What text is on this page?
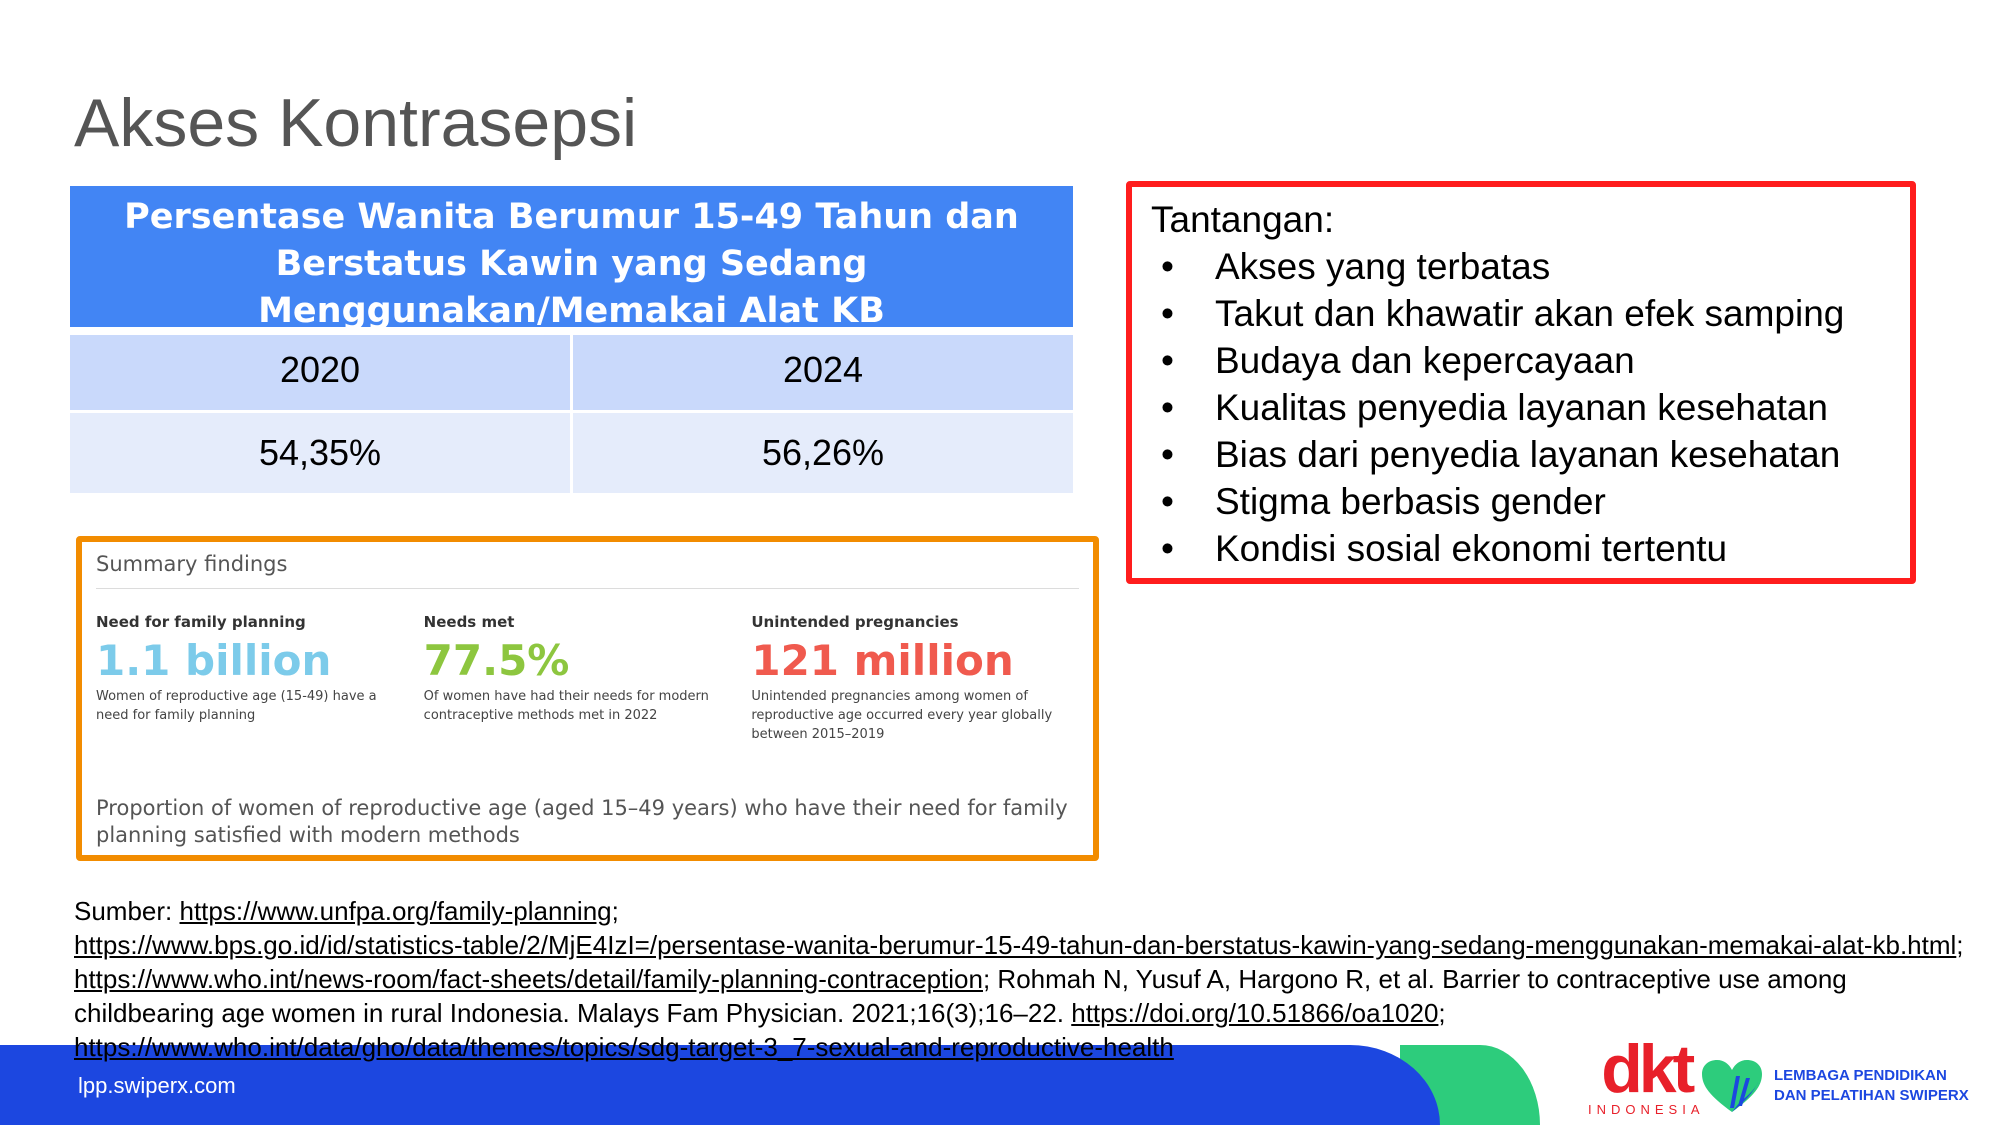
Akses Kontrasepsi
Persentase Wanita Berumur 15-49 Tahun dan
Berstatus Kawin yang Sedang
Menggunakan/Memakai Alat KB
2020	2024
54,35%	56,26%
Tantangan:
•	Akses yang terbatas
•	Takut dan khawatir akan efek samping
•	Budaya dan kepercayaan
•	Kualitas penyedia layanan kesehatan
•	Bias dari penyedia layanan kesehatan
•	Stigma berbasis gender
•	Kondisi sosial ekonomi tertentu
Summary findings
Need for family planning
1.1 billion
Women of reproductive age (15-49) have a need for family planning
Needs met
77.5%
Of women have had their needs for modern contraceptive methods met in 2022
Unintended pregnancies
121 million
Unintended pregnancies among women of reproductive age occurred every year globally between 2015–2019
Proportion of women of reproductive age (aged 15–49 years) who have their need for family planning satisfied with modern methods
Sumber: https://www.unfpa.org/family-planning;
https://www.bps.go.id/id/statistics-table/2/MjE4IzI=/persentase-wanita-berumur-15-49-tahun-dan-berstatus-kawin-yang-sedang-menggunakan-memakai-alat-kb.html; https://www.who.int/news-room/fact-sheets/detail/family-planning-contraception; Rohmah N, Yusuf A, Hargono R, et al. Barrier to contraceptive use among childbearing age women in rural Indonesia. Malays Fam Physician. 2021;16(3);16–22. https://doi.org/10.51866/oa1020;
https://www.who.int/data/gho/data/themes/topics/sdg-target-3_7-sexual-and-reproductive-health
lpp.swiperx.com	dkt
INDONESIA
LEMBAGA PENDIDIKAN
DAN PELATIHAN SWIPERX
